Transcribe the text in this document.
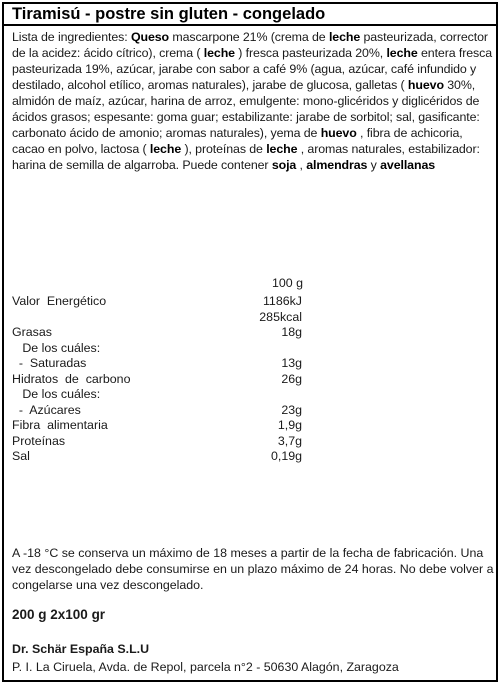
Tiramisú - postre sin gluten - congelado
Lista de ingredientes: Queso mascarpone 21% (crema de leche pasteurizada, corrector de la acidez: ácido cítrico), crema ( leche ) fresca pasteurizada 20%, leche entera fresca pasteurizada 19%, azúcar, jarabe con sabor a café 9% (agua, azúcar, café infundido y destilado, alcohol etílico, aromas naturales), jarabe de glucosa, galletas ( huevo 30%, almidón de maíz, azúcar, harina de arroz, emulgente: mono-glicéridos y diglicéridos de ácidos grasos; espesante: goma guar; estabilizante: jarabe de sorbitol; sal, gasificante: carbonato ácido de amonio; aromas naturales), yema de huevo , fibra de achicoria, cacao en polvo, lactosa ( leche ), proteínas de leche , aromas naturales, estabilizador: harina de semilla de algarroba. Puede contener soja , almendras y avellanas
100 g
Valor  Energético	1186kJ
285kcal
Grasas	18g
De los cuáles:
-  Saturadas	13g
Hidratos  de  carbono	26g
De los cuáles:
-  Azúcares	23g
Fibra  alimentaria	1,9g
Proteínas	3,7g
Sal	0,19g
A -18 °C se conserva un máximo de 18 meses a partir de la fecha de fabricación. Una vez descongelado debe consumirse en un plazo máximo de 24 horas. No debe volver a congelarse una vez descongelado.
200 g 2x100 gr
Dr. Schär España S.L.U
P. I. La Ciruela, Avda. de Repol, parcela n°2 - 50630 Alagón, Zaragoza
